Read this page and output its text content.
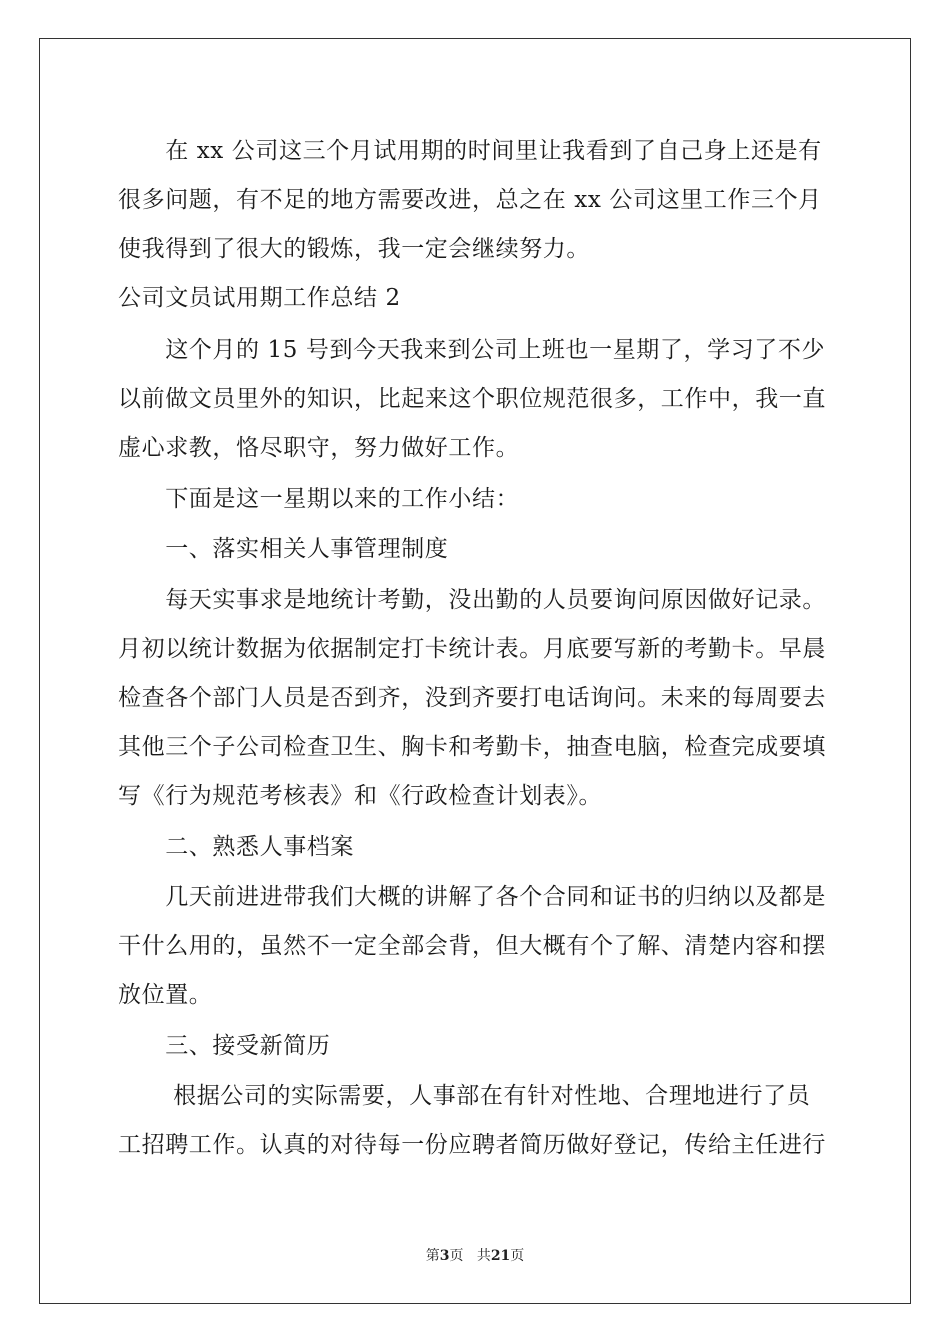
　　在 xx 公司这三个月试用期的时间里让我看到了自己身上还是有
很多问题，有不足的地方需要改进，总之在 xx 公司这里工作三个月
使我得到了很大的锻炼，我一定会继续努力。
公司文员试用期工作总结 2
　　这个月的 15 号到今天我来到公司上班也一星期了，学习了不少
以前做文员里外的知识，比起来这个职位规范很多，工作中，我一直
虚心求教，恪尽职守，努力做好工作。
　　下面是这一星期以来的工作小结：
　　一、落实相关人事管理制度
　　每天实事求是地统计考勤，没出勤的人员要询问原因做好记录。
月初以统计数据为依据制定打卡统计表。月底要写新的考勤卡。早晨
检查各个部门人员是否到齐，没到齐要打电话询问。未来的每周要去
其他三个子公司检查卫生、胸卡和考勤卡，抽查电脑，检查完成要填
写《行为规范考核表》和《行政检查计划表》。
　　二、熟悉人事档案
　　几天前进进带我们大概的讲解了各个合同和证书的归纳以及都是
干什么用的，虽然不一定全部会背，但大概有个了解、清楚内容和摆
放位置。
　　三、接受新简历
　　 根据公司的实际需要，人事部在有针对性地、合理地进行了员
工招聘工作。认真的对待每一份应聘者简历做好登记，传给主任进行
第3页 共21页
